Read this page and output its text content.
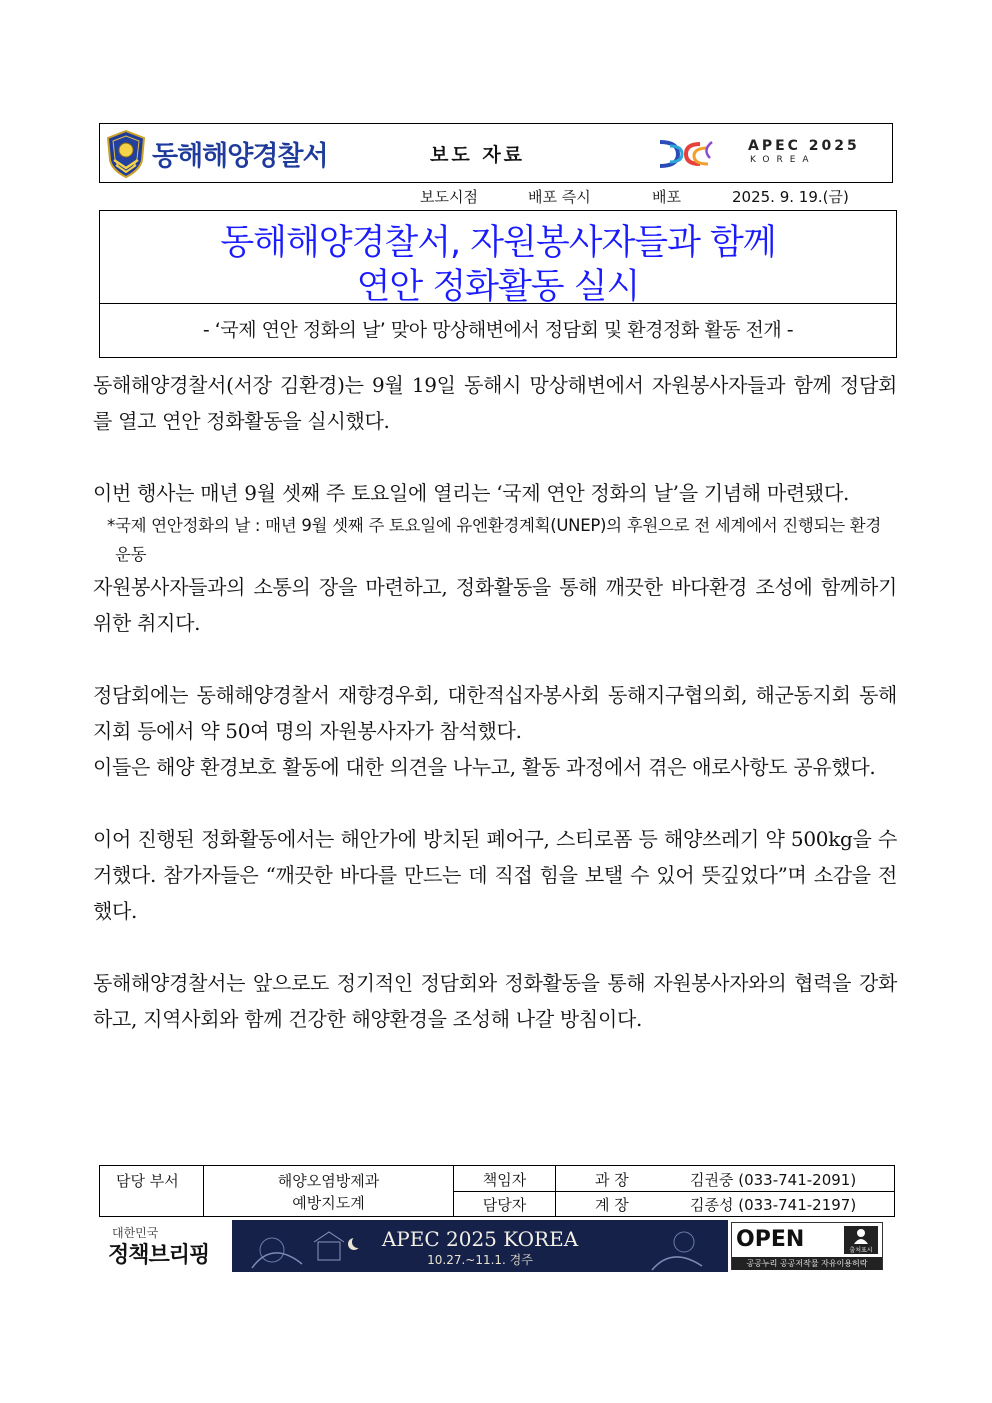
동해해양경찰서	보도 자료	APEC 2025
KOREA
보도시점	배포 즉시	배포	2025. 9. 19.(금)
동해해양경찰서, 자원봉사자들과 함께
연안 정화활동 실시
- ‘국제 연안 정화의 날’ 맞아 망상해변에서 정담회 및 환경정화 활동 전개 -

동해해양경찰서(서장 김환경)는 9월 19일 동해시 망상해변에서 자원봉사자들과 함께 정담회를 열고 연안 정화활동을 실시했다.

이번 행사는 매년 9월 셋째 주 토요일에 열리는 ‘국제 연안 정화의 날’을 기념해 마련됐다.

*국제 연안정화의 날 : 매년 9월 셋째 주 토요일에 유엔환경계획(UNEP)의 후원으로 전 세계에서 진행되는 환경 운동

자원봉사자들과의 소통의 장을 마련하고, 정화활동을 통해 깨끗한 바다환경 조성에 함께하기 위한 취지다.

정담회에는 동해해양경찰서 재향경우회, 대한적십자봉사회 동해지구협의회, 해군동지회 동해지회 등에서 약 50여 명의 자원봉사자가 참석했다.

이들은 해양 환경보호 활동에 대한 의견을 나누고, 활동 과정에서 겪은 애로사항도 공유했다.

이어 진행된 정화활동에서는 해안가에 방치된 폐어구, 스티로폼 등 해양쓰레기 약 500kg을 수거했다. 참가자들은 “깨끗한 바다를 만드는 데 직접 힘을 보탤 수 있어 뜻깊었다”며 소감을 전했다.

동해해양경찰서는 앞으로도 정기적인 정담회와 정화활동을 통해 자원봉사자와의 협력을 강화하고, 지역사회와 함께 건강한 해양환경을 조성해 나갈 방침이다.

담당 부서	해양오염방제과
예방지도계
책임자	과 장	김권중 (033-741-2091)
담당자	계 장	김종성 (033-741-2197)
대한민국
정책브리핑
APEC 2025 KOREA
10.27.~11.1. 경주
OPEN	출처표시
공공누리 공공저작물 자유이용허락
